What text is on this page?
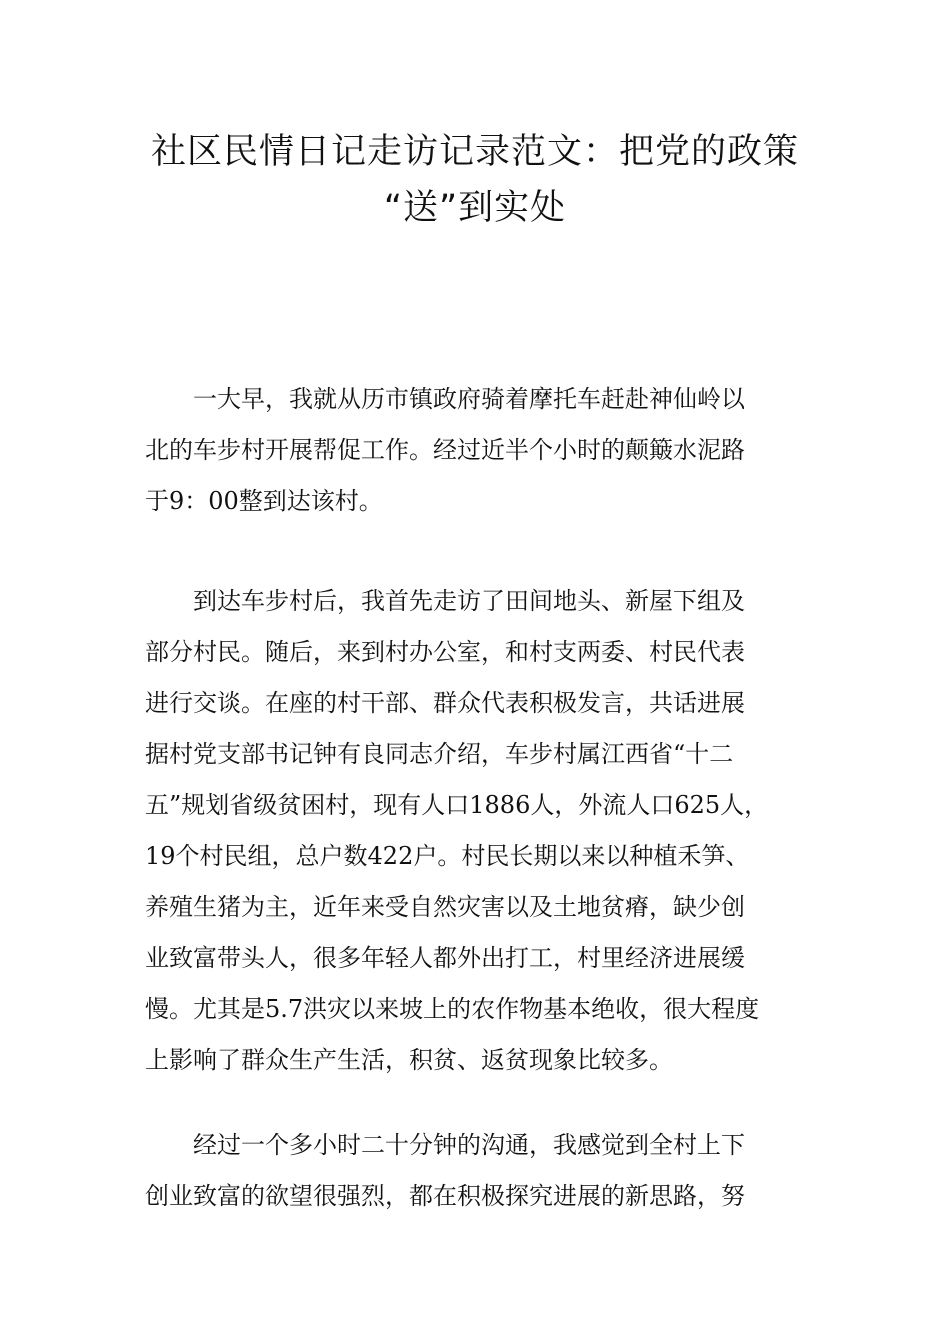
社区民情日记走访记录范文：把党的政策
“送”到实处
　　一大早，我就从历市镇政府骑着摩托车赶赴神仙岭以
北的车步村开展帮促工作。经过近半个小时的颠簸水泥路
于9：00整到达该村。
　　到达车步村后，我首先走访了田间地头、新屋下组及
部分村民。随后，来到村办公室，和村支两委、村民代表
进行交谈。在座的村干部、群众代表积极发言，共话进展
据村党支部书记钟有良同志介绍，车步村属江西省“十二
五”规划省级贫困村，现有人口1886人，外流人口625人，
19个村民组，总户数422户。村民长期以来以种植禾笋、
养殖生猪为主，近年来受自然灾害以及土地贫瘠，缺少创
业致富带头人，很多年轻人都外出打工，村里经济进展缓
慢。尤其是5.7洪灾以来坡上的农作物基本绝收，很大程度
上影响了群众生产生活，积贫、返贫现象比较多。
　　经过一个多小时二十分钟的沟通，我感觉到全村上下
创业致富的欲望很强烈，都在积极探究进展的新思路，努
